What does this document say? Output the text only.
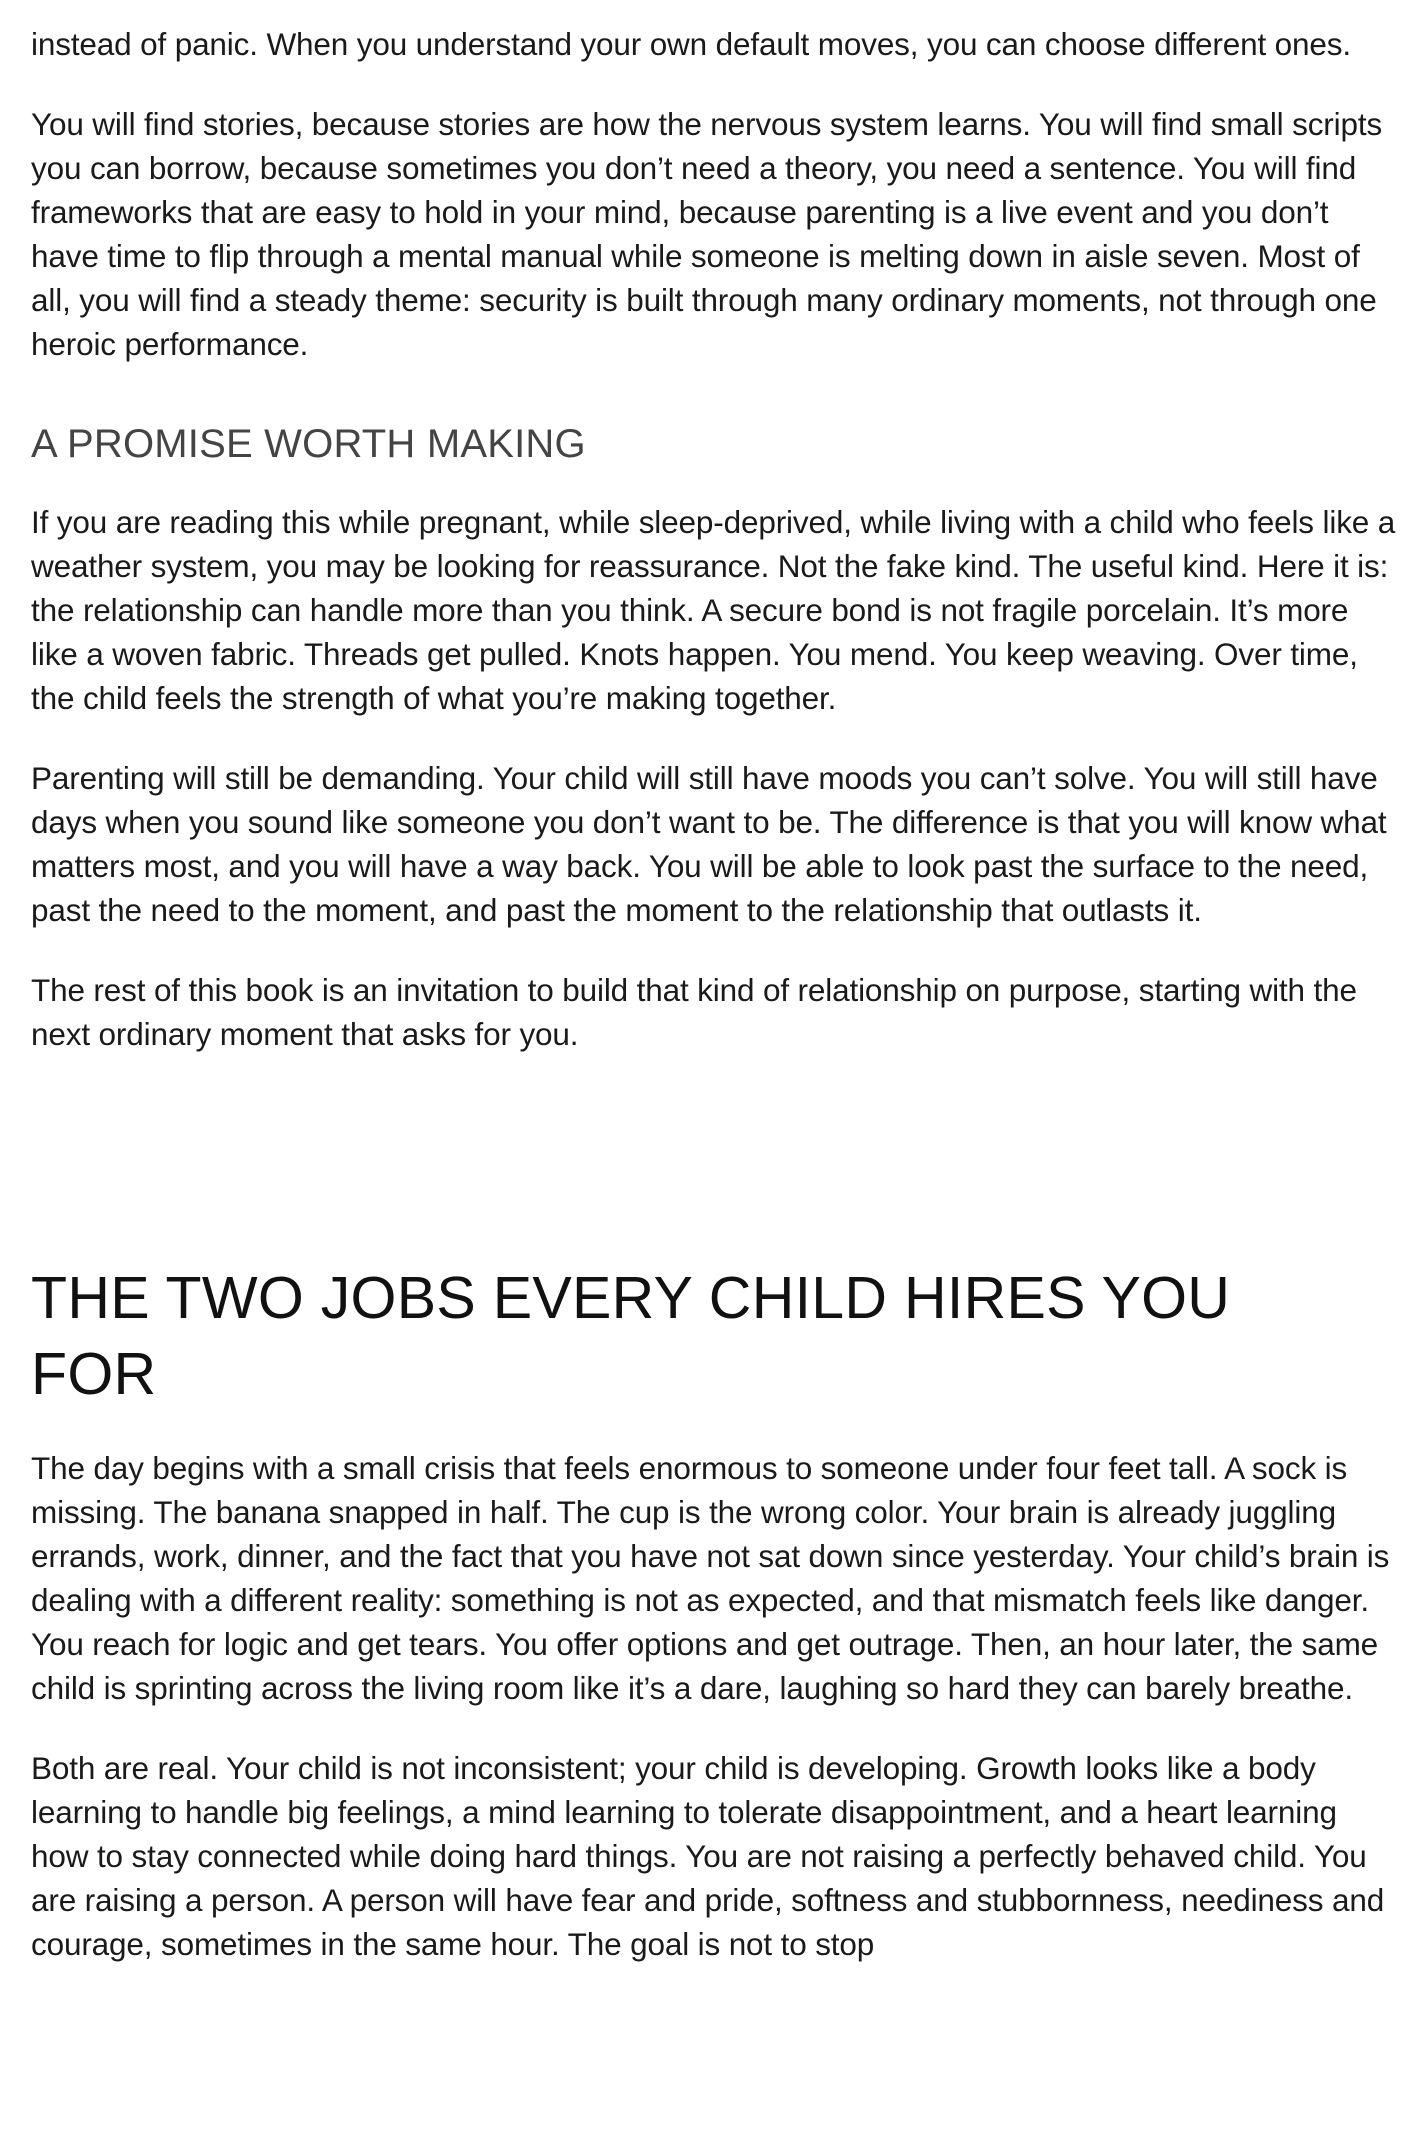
instead of panic. When you understand your own default moves, you can choose different ones.

You will find stories, because stories are how the nervous system learns. You will find small scripts you can borrow, because sometimes you don’t need a theory, you need a sentence. You will find frameworks that are easy to hold in your mind, because parenting is a live event and you don’t have time to flip through a mental manual while someone is melting down in aisle seven. Most of all, you will find a steady theme: security is built through many ordinary moments, not through one heroic performance.

A PROMISE WORTH MAKING

If you are reading this while pregnant, while sleep-deprived, while living with a child who feels like a weather system, you may be looking for reassurance. Not the fake kind. The useful kind. Here it is: the relationship can handle more than you think. A secure bond is not fragile porcelain. It’s more like a woven fabric. Threads get pulled. Knots happen. You mend. You keep weaving. Over time, the child feels the strength of what you’re making together.

Parenting will still be demanding. Your child will still have moods you can’t solve. You will still have days when you sound like someone you don’t want to be. The difference is that you will know what matters most, and you will have a way back. You will be able to look past the surface to the need, past the need to the moment, and past the moment to the relationship that outlasts it.

The rest of this book is an invitation to build that kind of relationship on purpose, starting with the next ordinary moment that asks for you.

THE TWO JOBS EVERY CHILD HIRES YOU FOR

The day begins with a small crisis that feels enormous to someone under four feet tall. A sock is missing. The banana snapped in half. The cup is the wrong color. Your brain is already juggling errands, work, dinner, and the fact that you have not sat down since yesterday. Your child’s brain is dealing with a different reality: something is not as expected, and that mismatch feels like danger. You reach for logic and get tears. You offer options and get outrage. Then, an hour later, the same child is sprinting across the living room like it’s a dare, laughing so hard they can barely breathe.

Both are real. Your child is not inconsistent; your child is developing. Growth looks like a body learning to handle big feelings, a mind learning to tolerate disappointment, and a heart learning how to stay connected while doing hard things. You are not raising a perfectly behaved child. You are raising a person. A person will have fear and pride, softness and stubbornness, neediness and courage, sometimes in the same hour. The goal is not to stop
